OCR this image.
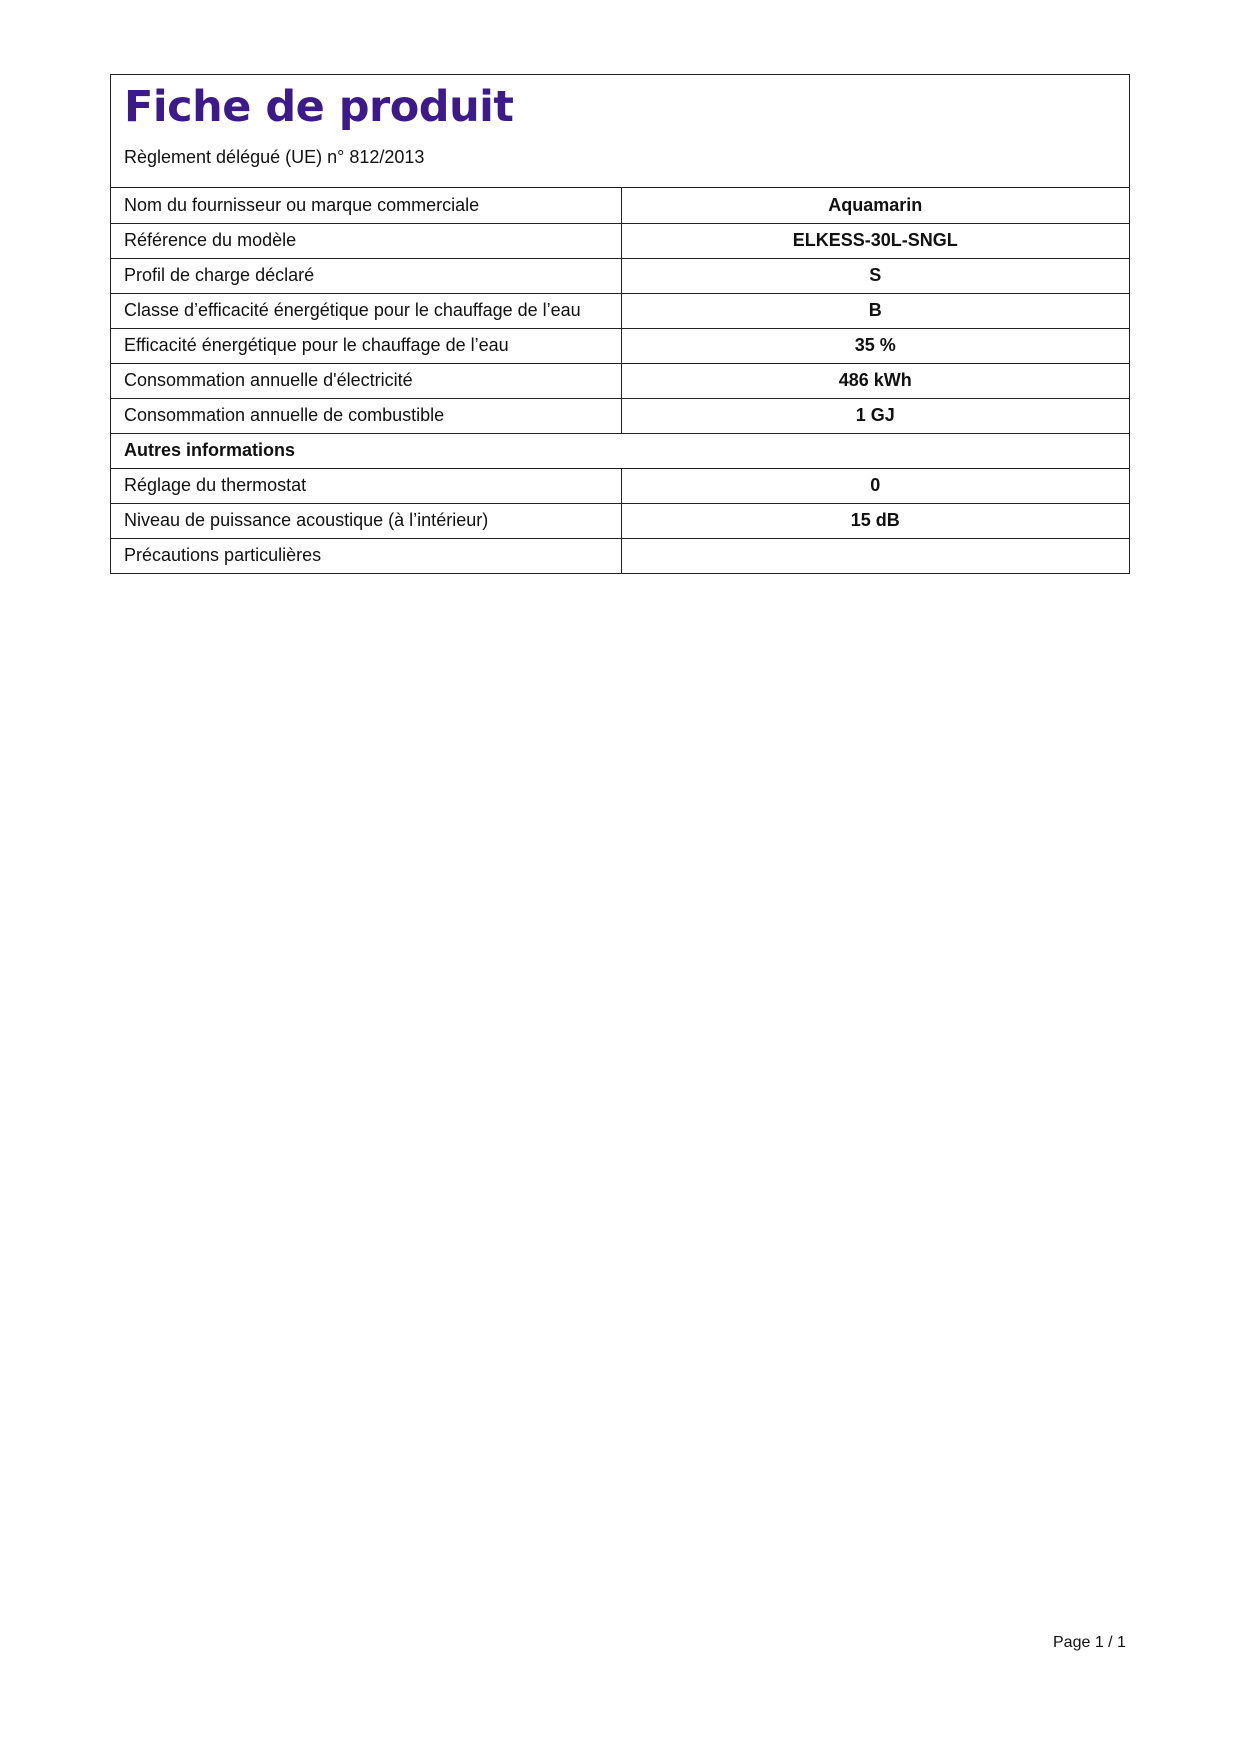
Fiche de produit
Règlement délégué (UE) n° 812/2013
Nom du fournisseur ou marque commerciale	Aquamarin
Référence du modèle	ELKESS-30L-SNGL
Profil de charge déclaré	S
Classe d’efficacité énergétique pour le chauffage de l’eau	B
Efficacité énergétique pour le chauffage de l’eau	35 %
Consommation annuelle d'électricité	486 kWh
Consommation annuelle de combustible	1 GJ
Autres informations	
Réglage du thermostat	0
Niveau de puissance acoustique (à l’intérieur)	15 dB
Précautions particulières	
Page 1 / 1
